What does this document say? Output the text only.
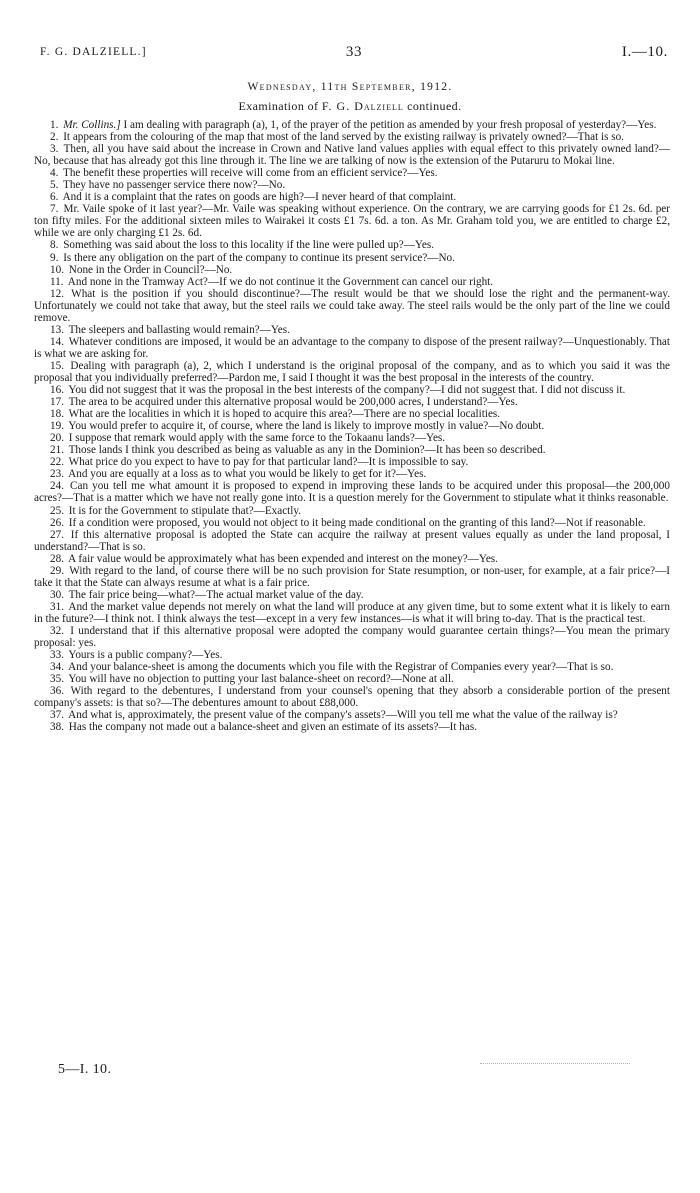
F. G. DALZIELL.]	33	I.—10.
Wednesday, 11th September, 1912.
Examination of F. G. Dalziell continued.

1. Mr. Collins.] I am dealing with paragraph (a), 1, of the prayer of the petition as amended by your fresh proposal of yesterday?—Yes.

2. It appears from the colouring of the map that most of the land served by the existing railway is privately owned?—That is so.

3. Then, all you have said about the increase in Crown and Native land values applies with equal effect to this privately owned land?—No, because that has already got this line through it. The line we are talking of now is the extension of the Putaruru to Mokai line.

4. The benefit these properties will receive will come from an efficient service?—Yes.

5. They have no passenger service there now?—No.

6. And it is a complaint that the rates on goods are high?—I never heard of that complaint.

7. Mr. Vaile spoke of it last year?—Mr. Vaile was speaking without experience. On the contrary, we are carrying goods for £1 2s. 6d. per ton fifty miles. For the additional sixteen miles to Wairakei it costs £1 7s. 6d. a ton. As Mr. Graham told you, we are entitled to charge £2, while we are only charging £1 2s. 6d.

8. Something was said about the loss to this locality if the line were pulled up?—Yes.

9. Is there any obligation on the part of the company to continue its present service?—No.

10. None in the Order in Council?—No.

11. And none in the Tramway Act?—If we do not continue it the Government can cancel our right.

12. What is the position if you should discontinue?—The result would be that we should lose the right and the permanent-way. Unfortunately we could not take that away, but the steel rails we could take away. The steel rails would be the only part of the line we could remove.

13. The sleepers and ballasting would remain?—Yes.

14. Whatever conditions are imposed, it would be an advantage to the company to dispose of the present railway?—Unquestionably. That is what we are asking for.

15. Dealing with paragraph (a), 2, which I understand is the original proposal of the company, and as to which you said it was the proposal that you individually preferred?—Pardon me, I said I thought it was the best proposal in the interests of the country.

16. You did not suggest that it was the proposal in the best interests of the company?—I did not suggest that. I did not discuss it.

17. The area to be acquired under this alternative proposal would be 200,000 acres, I understand?—Yes.

18. What are the localities in which it is hoped to acquire this area?—There are no special localities.

19. You would prefer to acquire it, of course, where the land is likely to improve mostly in value?—No doubt.

20. I suppose that remark would apply with the same force to the Tokaanu lands?—Yes.

21. Those lands I think you described as being as valuable as any in the Dominion?—It has been so described.

22. What price do you expect to have to pay for that particular land?—It is impossible to say.

23. And you are equally at a loss as to what you would be likely to get for it?—Yes.

24. Can you tell me what amount it is proposed to expend in improving these lands to be acquired under this proposal—the 200,000 acres?—That is a matter which we have not really gone into. It is a question merely for the Government to stipulate what it thinks reasonable.

25. It is for the Government to stipulate that?—Exactly.

26. If a condition were proposed, you would not object to it being made conditional on the granting of this land?—Not if reasonable.

27. If this alternative proposal is adopted the State can acquire the railway at present values equally as under the land proposal, I understand?—That is so.

28. A fair value would be approximately what has been expended and interest on the money?—Yes.

29. With regard to the land, of course there will be no such provision for State resumption, or non-user, for example, at a fair price?—I take it that the State can always resume at what is a fair price.

30. The fair price being—what?—The actual market value of the day.

31. And the market value depends not merely on what the land will produce at any given time, but to some extent what it is likely to earn in the future?—I think not. I think always the test—except in a very few instances—is what it will bring to-day. That is the practical test.

32. I understand that if this alternative proposal were adopted the company would guarantee certain things?—You mean the primary proposal: yes.

33. Yours is a public company?—Yes.

34. And your balance-sheet is among the documents which you file with the Registrar of Companies every year?—That is so.

35. You will have no objection to putting your last balance-sheet on record?—None at all.

36. With regard to the debentures, I understand from your counsel's opening that they absorb a considerable portion of the present company's assets: is that so?—The debentures amount to about £88,000.

37. And what is, approximately, the present value of the company's assets?—Will you tell me what the value of the railway is?

38. Has the company not made out a balance-sheet and given an estimate of its assets?—It has.

5—I. 10.
